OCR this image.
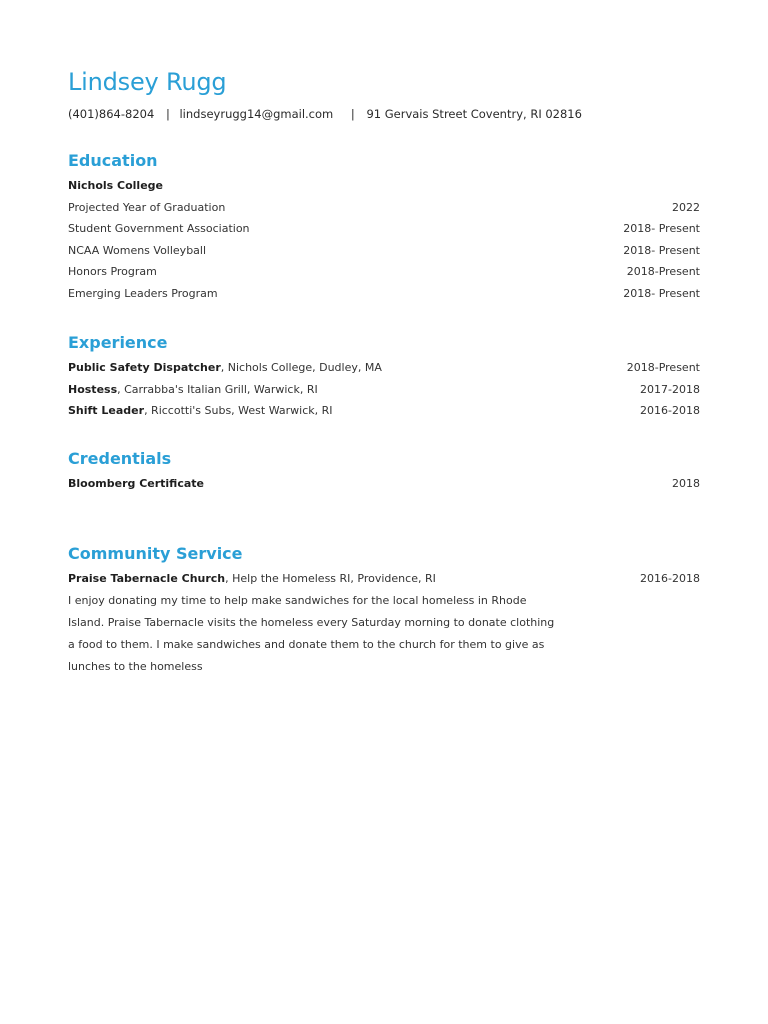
Lindsey Rugg
(401)864-8204 | lindseyrugg14@gmail.com | 91 Gervais Street Coventry, RI 02816
Education
Nichols College
Projected Year of Graduation	2022
Student Government Association	2018- Present
NCAA Womens Volleyball	2018- Present
Honors Program	2018-Present
Emerging Leaders Program	2018- Present
Experience
Public Safety Dispatcher, Nichols College, Dudley, MA	2018-Present
Hostess, Carrabba's Italian Grill, Warwick, RI	2017-2018
Shift Leader, Riccotti's Subs, West Warwick, RI	2016-2018
Credentials
Bloomberg Certificate	2018
Community Service
Praise Tabernacle Church, Help the Homeless RI, Providence, RI	2016-2018
I enjoy donating my time to help make sandwiches for the local homeless in Rhode Island. Praise Tabernacle visits the homeless every Saturday morning to donate clothing a food to them. I make sandwiches and donate them to the church for them to give as lunches to the homeless
